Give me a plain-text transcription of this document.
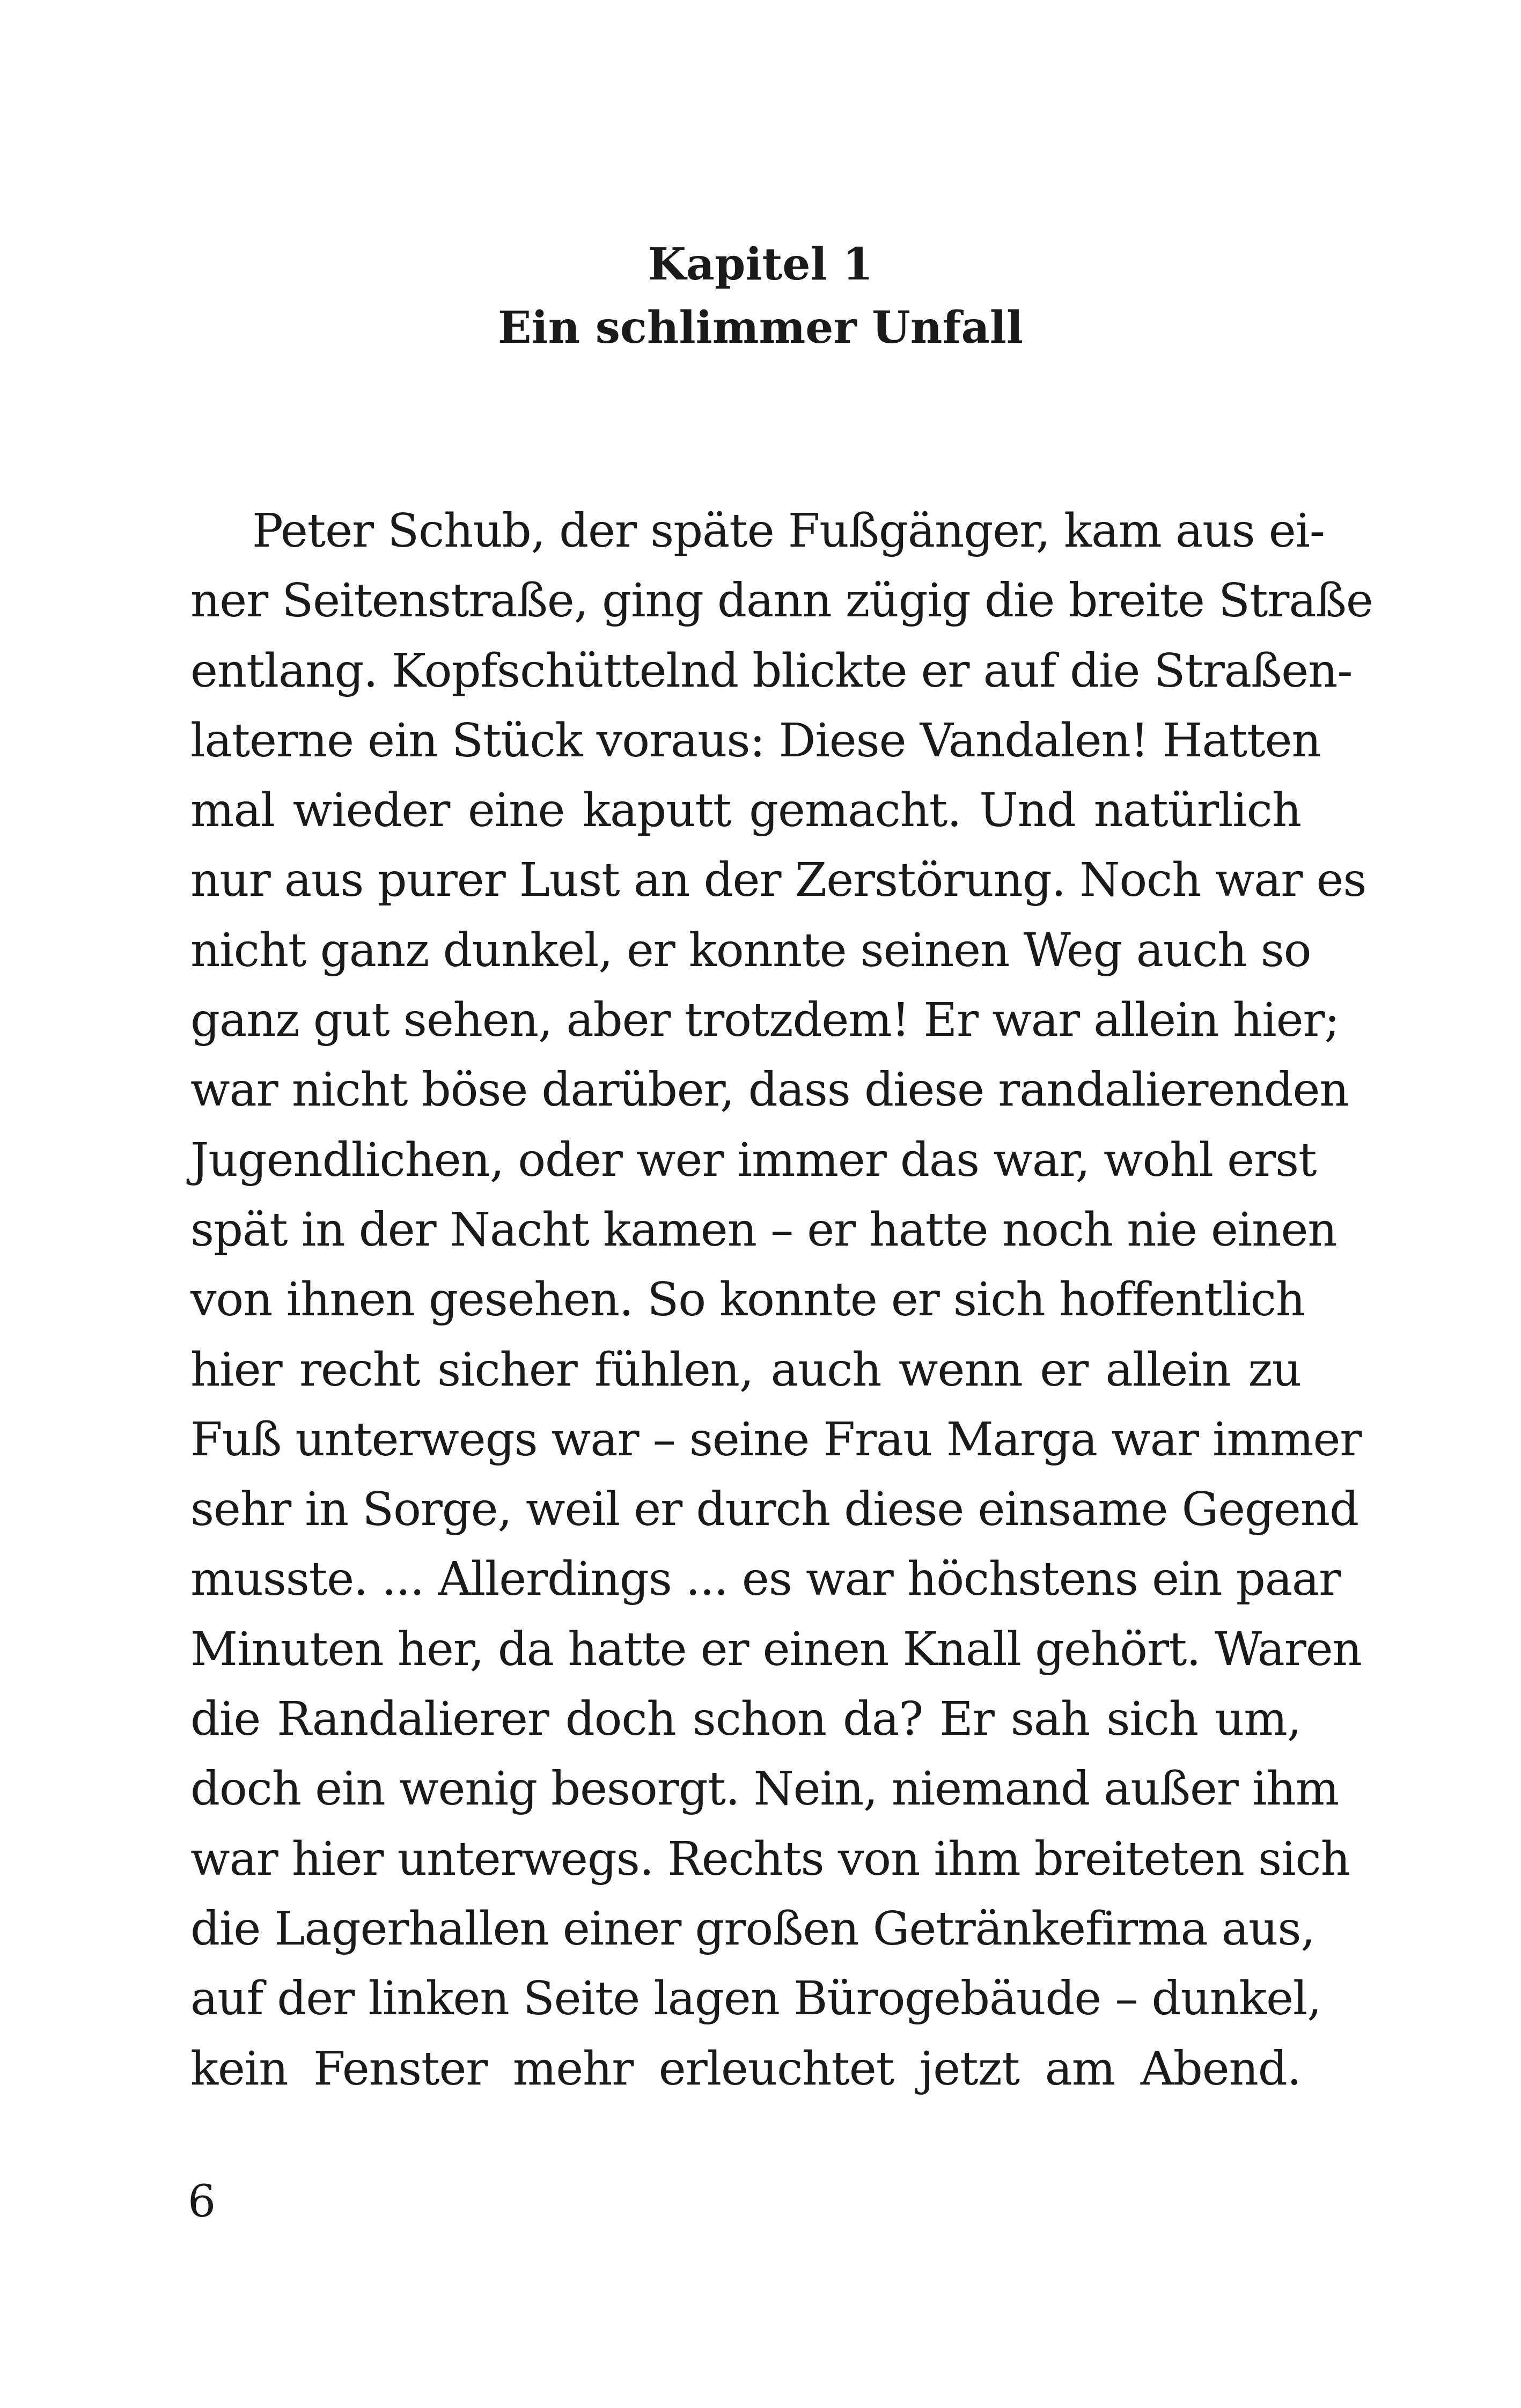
Kapitel 1
Ein schlimmer Unfall
Peter Schub, der späte Fußgänger, kam aus ei-
ner Seitenstraße, ging dann zügig die breite Straße
entlang. Kopfschüttelnd blickte er auf die Straßen-
laterne ein Stück voraus: Diese Vandalen! Hatten
mal wieder eine kaputt gemacht. Und natürlich
nur aus purer Lust an der Zerstörung. Noch war es
nicht ganz dunkel, er konnte seinen Weg auch so
ganz gut sehen, aber trotzdem! Er war allein hier;
war nicht böse darüber, dass diese randalierenden
Jugendlichen, oder wer immer das war, wohl erst
spät in der Nacht kamen – er hatte noch nie einen
von ihnen gesehen. So konnte er sich hoffentlich
hier recht sicher fühlen, auch wenn er allein zu
Fuß unterwegs war – seine Frau Marga war immer
sehr in Sorge, weil er durch diese einsame Gegend
musste. ... Allerdings ... es war höchstens ein paar
Minuten her, da hatte er einen Knall gehört. Waren
die Randalierer doch schon da? Er sah sich um,
doch ein wenig besorgt. Nein, niemand außer ihm
war hier unterwegs. Rechts von ihm breiteten sich
die Lagerhallen einer großen Getränkefirma aus,
auf der linken Seite lagen Bürogebäude – dunkel,
kein Fenster mehr erleuchtet jetzt am Abend.
6
